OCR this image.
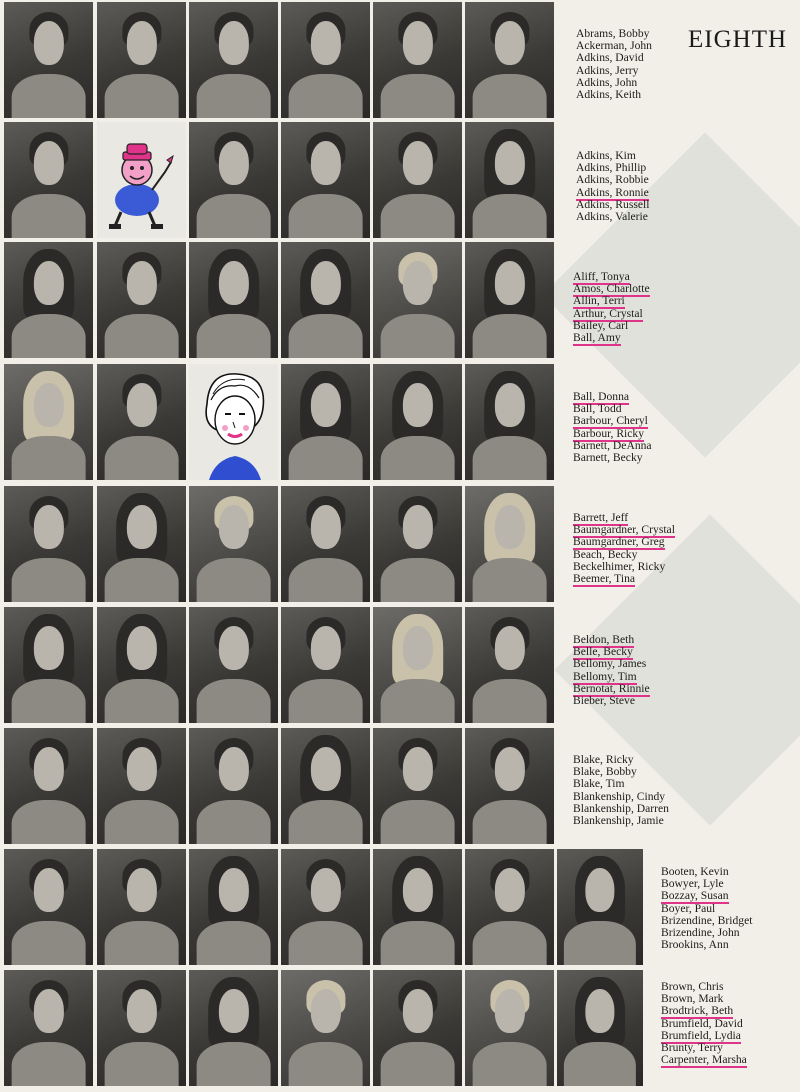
Abrams, Bobby
Ackerman, John
Adkins, David
Adkins, Jerry
Adkins, John
Adkins, Keith
Adkins, Kim
Adkins, Phillip
Adkins, Robbie
Adkins, Ronnie
Adkins, Russell
Adkins, Valerie
Aliff, Tonya
Amos, Charlotte
Allin, Terri
Arthur, Crystal
Bailey, Carl
Ball, Amy
Ball, Donna
Ball, Todd
Barbour, Cheryl
Barbour, Ricky
Barnett, DeAnna
Barnett, Becky
Barrett, Jeff
Baumgardner, Crystal
Baumgardner, Greg
Beach, Becky
Beckelhimer, Ricky
Beemer, Tina
Beldon, Beth
Belle, Becky
Bellomy, James
Bellomy, Tim
Bernotat, Rinnie
Bieber, Steve
Blake, Ricky
Blake, Bobby
Blake, Tim
Blankenship, Cindy
Blankenship, Darren
Blankenship, Jamie
Booten, Kevin
Bowyer, Lyle
Bozzay, Susan
Boyer, Paul
Brizendine, Bridget
Brizendine, John
Brookins, Ann
Brown, Chris
Brown, Mark
Brodtrick, Beth
Brumfield, David
Brumfield, Lydia
Brunty, Terry
Carpenter, Marsha
EIGHTH
